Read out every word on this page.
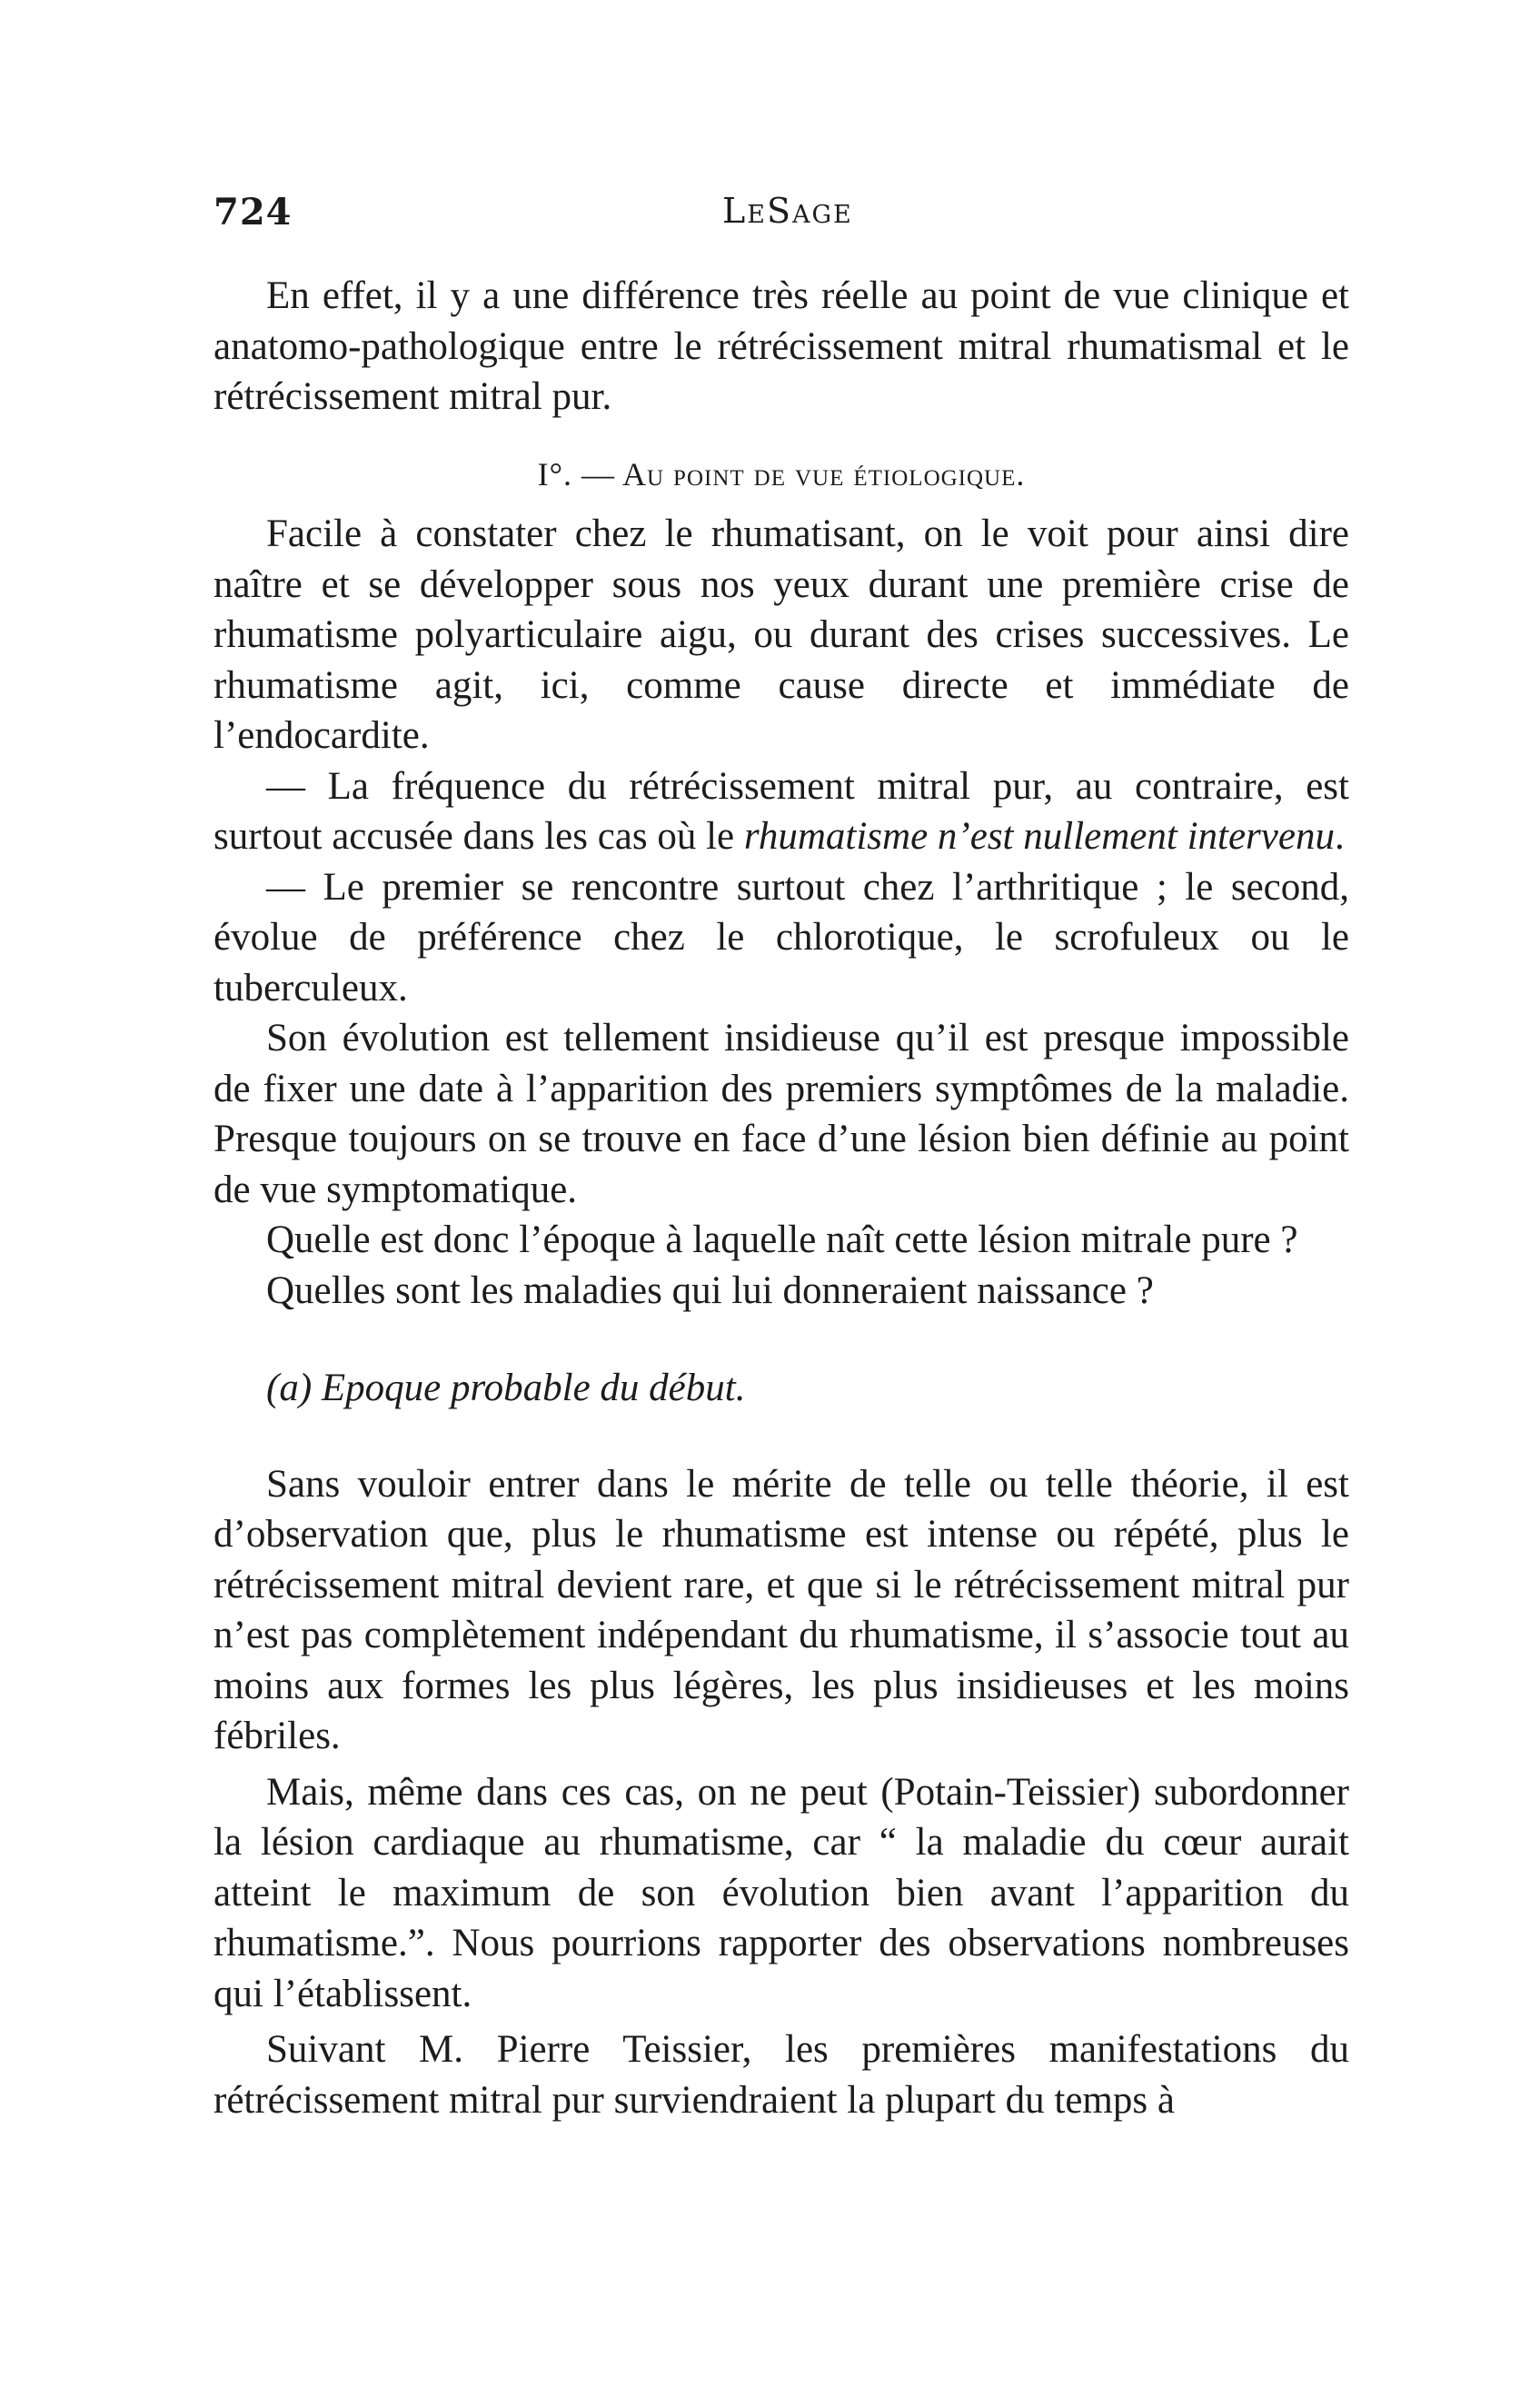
724	LeSage

En effet, il y a une différence très réelle au point de vue clinique et anatomo-pathologique entre le rétrécissement mitral rhumatismal et le rétrécissement mitral pur.

I°. — Au point de vue étiologique.

Facile à constater chez le rhumatisant, on le voit pour ainsi dire naître et se développer sous nos yeux durant une première crise de rhumatisme polyarticulaire aigu, ou durant des crises successives. Le rhumatisme agit, ici, comme cause directe et immédiate de l’endocardite.

— La fréquence du rétrécissement mitral pur, au contraire, est surtout accusée dans les cas où le rhumatisme n’est nullement intervenu.

— Le premier se rencontre surtout chez l’arthritique ; le second, évolue de préférence chez le chlorotique, le scrofuleux ou le tuberculeux.

Son évolution est tellement insidieuse qu’il est presque impossible de fixer une date à l’apparition des premiers symptômes de la maladie. Presque toujours on se trouve en face d’une lésion bien définie au point de vue symptomatique.

Quelle est donc l’époque à laquelle naît cette lésion mitrale pure ?

Quelles sont les maladies qui lui donneraient naissance ?

(a) Epoque probable du début.

Sans vouloir entrer dans le mérite de telle ou telle théorie, il est d’observation que, plus le rhumatisme est intense ou répété, plus le rétrécissement mitral devient rare, et que si le rétrécissement mitral pur n’est pas complètement indépendant du rhumatisme, il s’associe tout au moins aux formes les plus légères, les plus insidieuses et les moins fébriles.

Mais, même dans ces cas, on ne peut (Potain-Teissier) subordonner la lésion cardiaque au rhumatisme, car “ la maladie du cœur aurait atteint le maximum de son évolution bien avant l’apparition du rhumatisme.”. Nous pourrions rapporter des observations nombreuses qui l’établissent.

Suivant M. Pierre Teissier, les premières manifestations du rétrécissement mitral pur surviendraient la plupart du temps à
